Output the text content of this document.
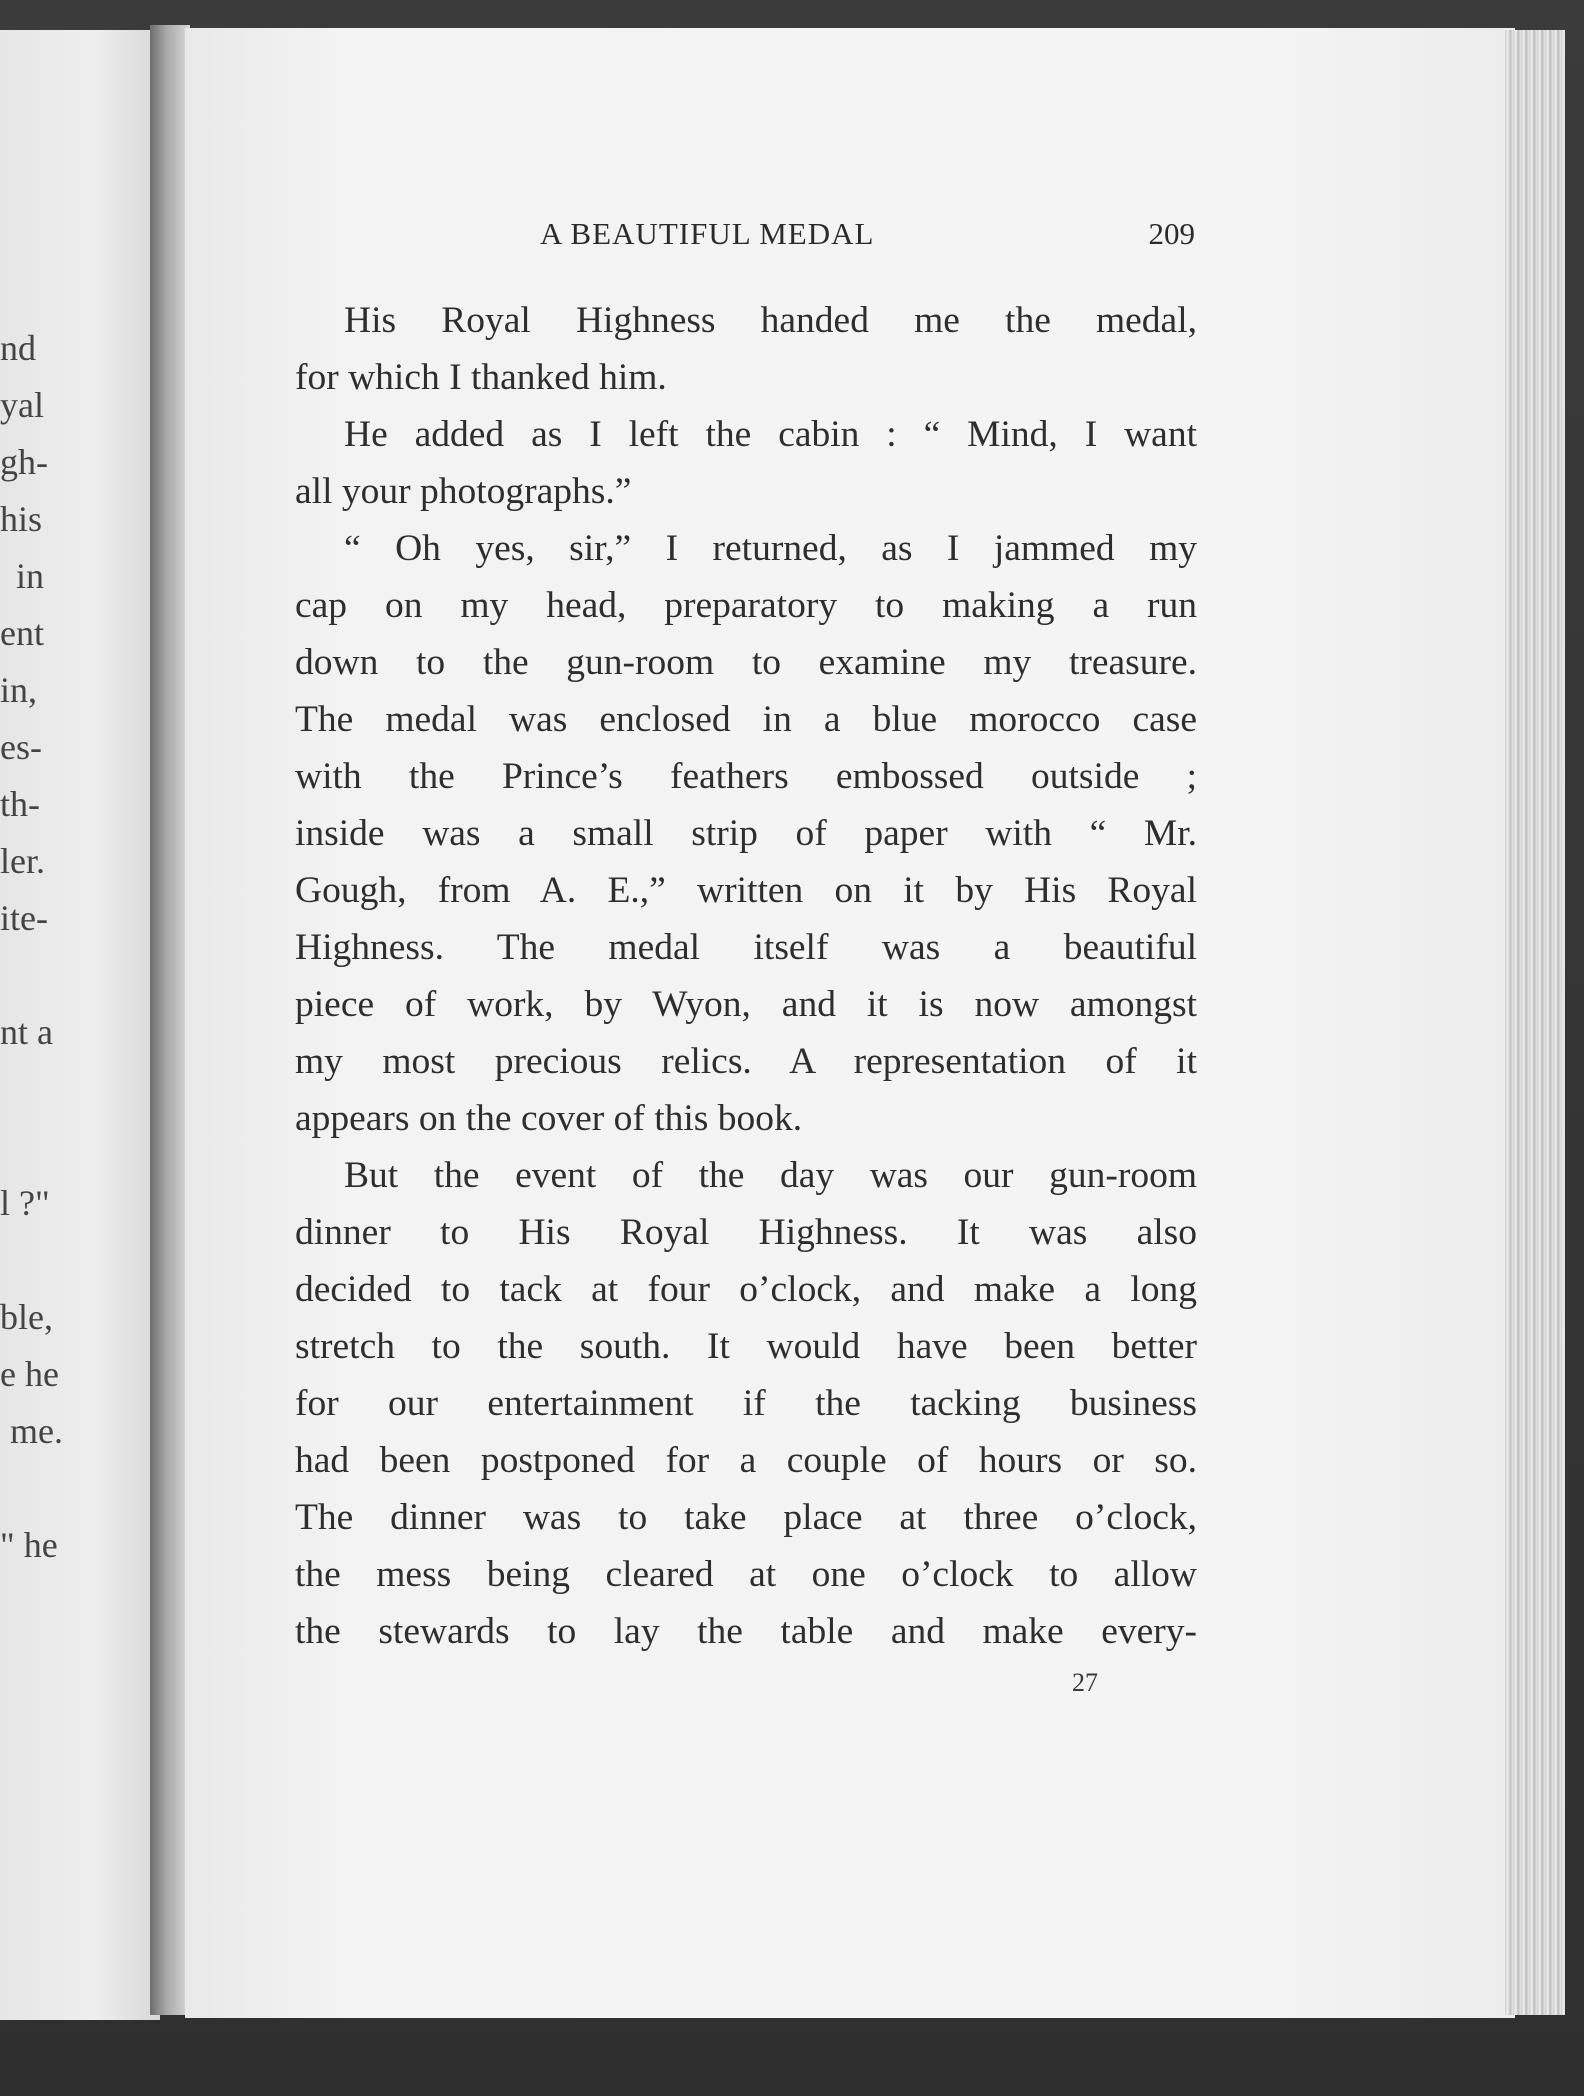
nd
yal
gh-
his
in
ent
in,
es-
th-
ler.
ite-
nt a
l ?"
ble,
e he
me.
" he
A BEAUTIFUL MEDAL	209
His Royal Highness handed me the medal,
for which I thanked him.
He added as I left the cabin : “ Mind, I want
all your photographs.”
“ Oh yes, sir,” I returned, as I jammed my
cap on my head, preparatory to making a run
down to the gun-room to examine my treasure.
The medal was enclosed in a blue morocco case
with the Prince’s feathers embossed outside ;
inside was a small strip of paper with “ Mr.
Gough, from A. E.,” written on it by His Royal
Highness. The medal itself was a beautiful
piece of work, by Wyon, and it is now amongst
my most precious relics. A representation of it
appears on the cover of this book.
But the event of the day was our gun-room
dinner to His Royal Highness. It was also
decided to tack at four o’clock, and make a long
stretch to the south. It would have been better
for our entertainment if the tacking business
had been postponed for a couple of hours or so.
The dinner was to take place at three o’clock,
the mess being cleared at one o’clock to allow
the stewards to lay the table and make every-
27
